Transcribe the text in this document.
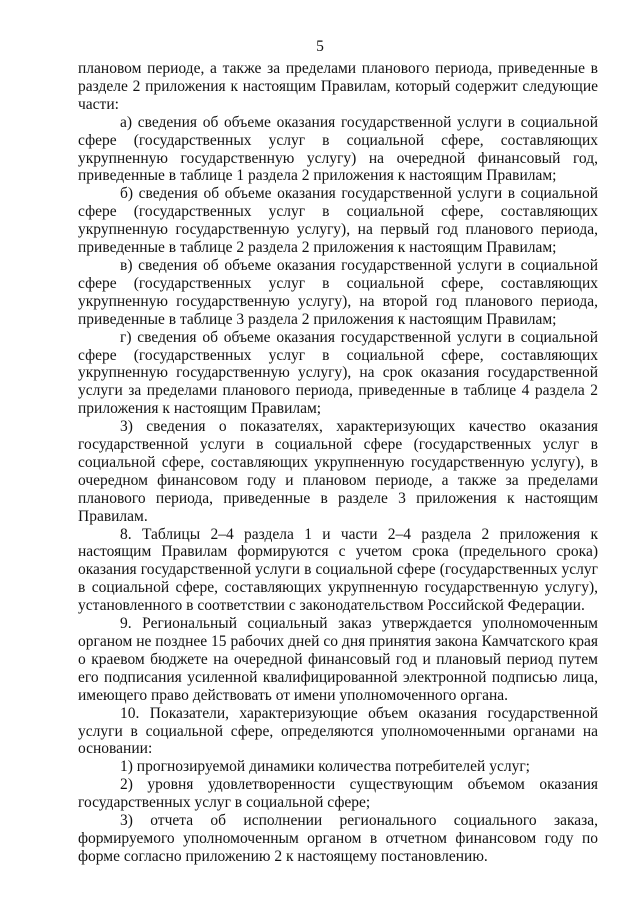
5

плановом периоде, а также за пределами планового периода, приведенные в разделе 2 приложения к настоящим Правилам, который содержит следующие части:

а) сведения об объеме оказания государственной услуги в социальной сфере (государственных услуг в социальной сфере, составляющих укрупненную государственную услугу) на очередной финансовый год, приведенные в таблице 1 раздела 2 приложения к настоящим Правилам;

б) сведения об объеме оказания государственной услуги в социальной сфере (государственных услуг в социальной сфере, составляющих укрупненную государственную услугу), на первый год планового периода, приведенные в таблице 2 раздела 2 приложения к настоящим Правилам;

в) сведения об объеме оказания государственной услуги в социальной сфере (государственных услуг в социальной сфере, составляющих укрупненную государственную услугу), на второй год планового периода, приведенные в таблице 3 раздела 2 приложения к настоящим Правилам;

г) сведения об объеме оказания государственной услуги в социальной сфере (государственных услуг в социальной сфере, составляющих укрупненную государственную услугу), на срок оказания государственной услуги за пределами планового периода, приведенные в таблице 4 раздела 2 приложения к настоящим Правилам;

3) сведения о показателях, характеризующих качество оказания государственной услуги в социальной сфере (государственных услуг в социальной сфере, составляющих укрупненную государственную услугу), в очередном финансовом году и плановом периоде, а также за пределами планового периода, приведенные в разделе 3 приложения к настоящим Правилам.

8. Таблицы 2–4 раздела 1 и части 2–4 раздела 2 приложения к настоящим Правилам формируются с учетом срока (предельного срока) оказания государственной услуги в социальной сфере (государственных услуг в социальной сфере, составляющих укрупненную государственную услугу), установленного в соответствии с законодательством Российской Федерации.

9. Региональный социальный заказ утверждается уполномоченным органом не позднее 15 рабочих дней со дня принятия закона Камчатского края о краевом бюджете на очередной финансовый год и плановый период путем его подписания усиленной квалифицированной электронной подписью лица, имеющего право действовать от имени уполномоченного органа.

10. Показатели, характеризующие объем оказания государственной услуги в социальной сфере, определяются уполномоченными органами на основании:

1) прогнозируемой динамики количества потребителей услуг;

2) уровня удовлетворенности существующим объемом оказания государственных услуг в социальной сфере;

3) отчета об исполнении регионального социального заказа, формируемого уполномоченным органом в отчетном финансовом году по форме согласно приложению 2 к настоящему постановлению.
